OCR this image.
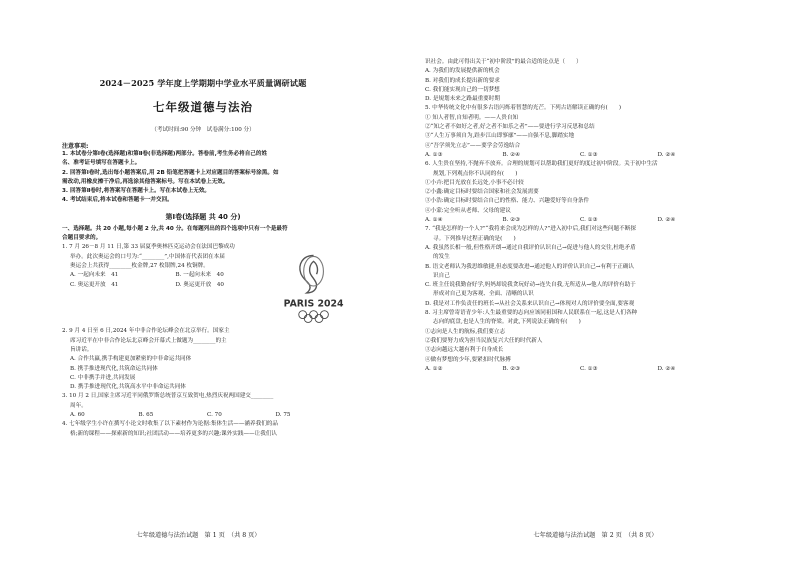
2024－2025 学年度上学期期中学业水平质量调研试题
七年级道德与法治
（考试时间:90 分钟　试卷满分:100 分）
注意事项:
1. 本试卷分第Ⅰ卷(选择题)和第Ⅱ卷(非选择题)两部分。答卷前,考生务必将自己的姓
名、准考证号填写在答题卡上。
2. 回答第Ⅰ卷时,选出每小题答案后,用 2B 铅笔把答题卡上对应题目的答案标号涂黑。如
需改动,用橡皮擦干净后,再选涂其他答案标号。写在本试卷上无效。
3. 回答第Ⅱ卷时,将答案写在答题卡上。写在本试卷上无效。
4. 考试结束后,将本试卷和答题卡一并交回。
第Ⅰ卷(选择题 共 40 分)
一、选择题。共 20 小题,每小题 2 分,共 40 分。在每题列出的四个选项中只有一个是最符
合题目要求的。
1. 7 月 26－8 月 11 日,第 33 届夏季奥林匹克运动会在法国巴黎成功
举办。此次奥运会的口号为:“________”,中国体育代表团在本届
奥运会上共获得________枚金牌,27 枚银牌,24 枚铜牌。
A. 一起向未来　41	B. 一起向未来　40
C. 奥运更开放　41	D. 奥运更开放　40
PARIS 2024
2. 9 月 4 日至 6 日,2024 年中非合作论坛峰会在北京举行。国家主
席习近平在中非合作论坛北京峰会开幕式上做题为________的主
旨讲话。
A. 合作共赢,携手构建更加紧密的中非命运共同体
B. 携手推进现代化,共筑命运共同体
C. 中非携手并进,共同发展
D. 携手推进现代化,共筑高水平中非命运共同体
3. 10 月 2 日,国家主席习近平同俄罗斯总统普京互致贺电,热烈庆祝两国建交________
周年。
A. 60	B. 65	C. 70	D. 75
4. 七年级学生小许在撰写小论文时收集了以下素材作为论据:集体生活——涵养我们的品
格;新的课程——探索新的知识;社团活动——培养更多的兴趣;课外实践——让我们认
七年级道德与法治试题　第 1 页　（共 8 页）
识社会。由此可得出关于“初中阶段”的最合适的论点是（　　）
A. 为我们的发展提供新的机会
B. 对我们的成长提出新的要求
C. 我们能实现自己的一切梦想
D. 是規划未来之路最重要时期
5. 中华传统文化中有很多古语闪烁着智慧的光芒。下列古语解读正确的有(　　)
① 知人者智,自知者明。——人贵自知
②“知之者不如好之者,好之者不如乐之者”——要进行学习反思和总结
③“人生万事须自为,跬步江山即寥廓”——自强不息,脚踏实地
④“吾学须先立志”——要学会劳逸结合
A. ①③	B. ②④	C. ①③	D. ②④
6. 人生贵在坚持,不抛弃不放弃。合理的规划可以帮助我们更好的度过初中阶段。关于初中生活
规划,下列观点你不认同的有(　　)
①小卉:把目光放在长远处,小事不必计较
②小鑫:确定目标时要结合国家和社会发展需要
③小浩:确定目标时要结合自己的性格、能力、兴趣爱好等自身条件
④小蒙:完全听从老师、父母的建议
A. ①④	B. ②③	C. ①③	D. ②④
7. “我是怎样的一个人?”“我将来会成为怎样的人?”进入初中后,我们对这些问题不断探
寻。下列推导过程正确的是(　　)
A. 我虽然长相一般,但性格开朗→通过自我评价认识自己→促进与他人的交往,杜绝矛盾
的发生
B. 语文老师认为我思维敏捷,但态度要改进→通过他人的评价认识自己→有利于正确认
识自己
C. 班主任说我勤奋好学,妈妈却说我贪玩好动→连失自我,无所适从→他人的评价有助于
形成对自己更为客观、全面、清晰的认识
D. 我是对工作负责任的班长→从社会关系来认识自己→体现对人的评价要全面,要客观
8. 习主席曾寄语青少年:人生最重要的志向应该同祖国和人民联系在一起,这是人们各种
志向的底盘,也是人生的脊梁。对此,下列说法正确的有(　　)
①志向是人生的航标,我们要立志
②我们要努力成为担当民族复兴大任的时代新人
③志向越远大越有利于自身成长
④做有梦想的少年,要紧扣时代脉搏
A. ①②	B. ②③	C. ①③	D. ②④
七年级道德与法治试题　第 2 页　（共 8 页）
